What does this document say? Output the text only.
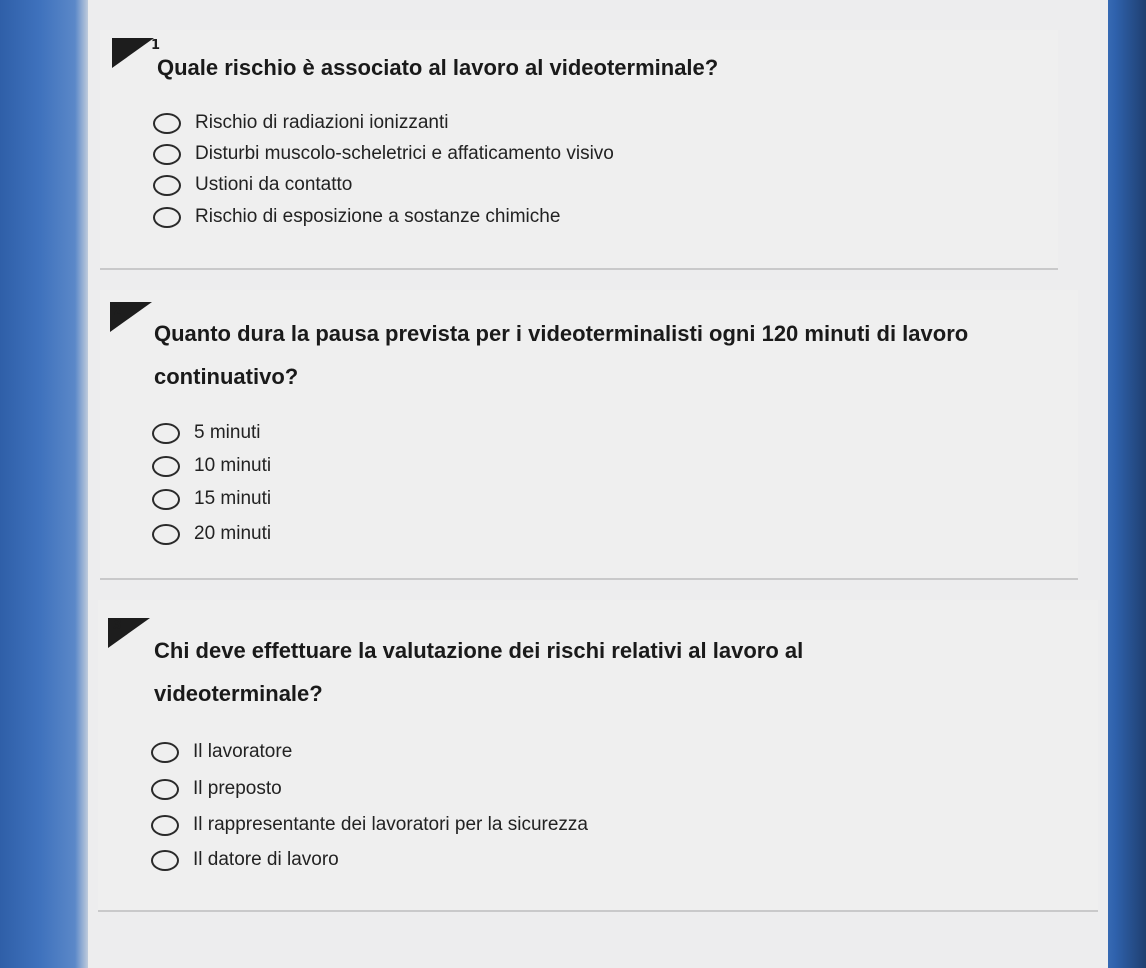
1

Quale rischio è associato al lavoro al videoterminale?

Rischio di radiazioni ionizzanti
Disturbi muscolo-scheletrici e affaticamento visivo
Ustioni da contatto
Rischio di esposizione a sostanze chimiche
2

Quanto dura la pausa prevista per i videoterminalisti ogni 120 minuti di lavoro continuativo?

5 minuti
10 minuti
15 minuti
20 minuti
3

Chi deve effettuare la valutazione dei rischi relativi al lavoro al videoterminale?

Il lavoratore
Il preposto
Il rappresentante dei lavoratori per la sicurezza
Il datore di lavoro
